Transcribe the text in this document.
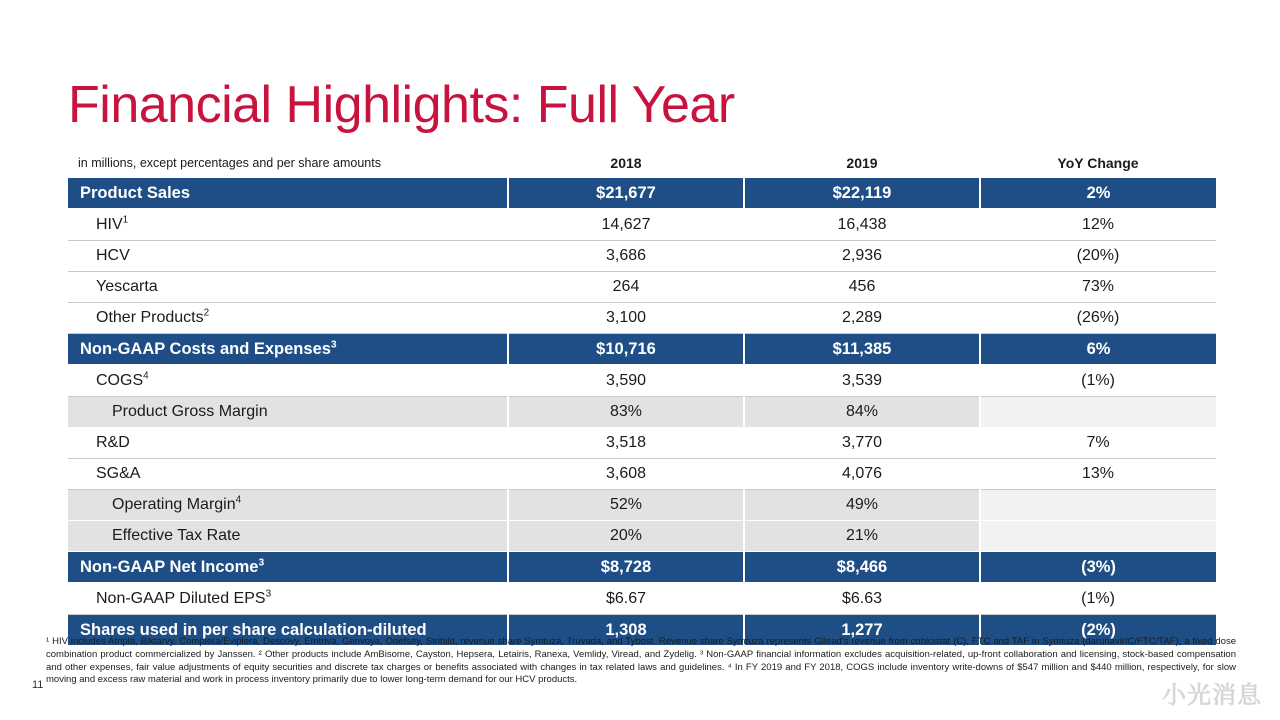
Financial Highlights: Full Year
in millions, except percentages and per share amounts	2018	2019	YoY Change
Product Sales	$21,677	$22,119	2%
HIV$^1$	14,627	16,438	12%
HCV	3,686	2,936	(20%)
Yescarta	264	456	73%
Other Products$^2$	3,100	2,289	(26%)
Non-GAAP Costs and Expenses$^3$	$10,716	$11,385	6%
COGS$^4$	3,590	3,539	(1%)
Product Gross Margin	83%	84%	
R&D	3,518	3,770	7%
SG&A	3,608	4,076	13%
Operating Margin$^4$	52%	49%	
Effective Tax Rate	20%	21%	
Non-GAAP Net Income$^3$	$8,728	$8,466	(3%)
Non-GAAP Diluted EPS$^3$	$6.67	$6.63	(1%)
Shares used in per share calculation-diluted	1,308	1,277	(2%)
¹ HIV includes Atripla, Biktarvy, Complera/Eviplera, Descovy, Emtriva, Genvoya, Odefsey, Stribild, revenue share Symtuza, Truvada, and Tybost. Revenue share Symtuza represents Gilead’s revenue from cobicistat (C), FTC and TAF in Symtuza (darunavir/C/FTC/TAF), a fixed dose combination product commercialized by Janssen. ² Other products include AmBisome, Cayston, Hepsera, Letairis, Ranexa, Vemlidy, Viread, and Zydelig. ³ Non-GAAP financial information excludes acquisition-related, up-front collaboration and licensing, stock-based compensation and other expenses, fair value adjustments of equity securities and discrete tax charges or benefits associated with changes in tax related laws and guidelines. ⁴ In FY 2019 and FY 2018, COGS include inventory write-downs of $547 million and $440 million, respectively, for slow moving and excess raw material and work in process inventory primarily due to lower long-term demand for our HCV products.
11	小光消息
